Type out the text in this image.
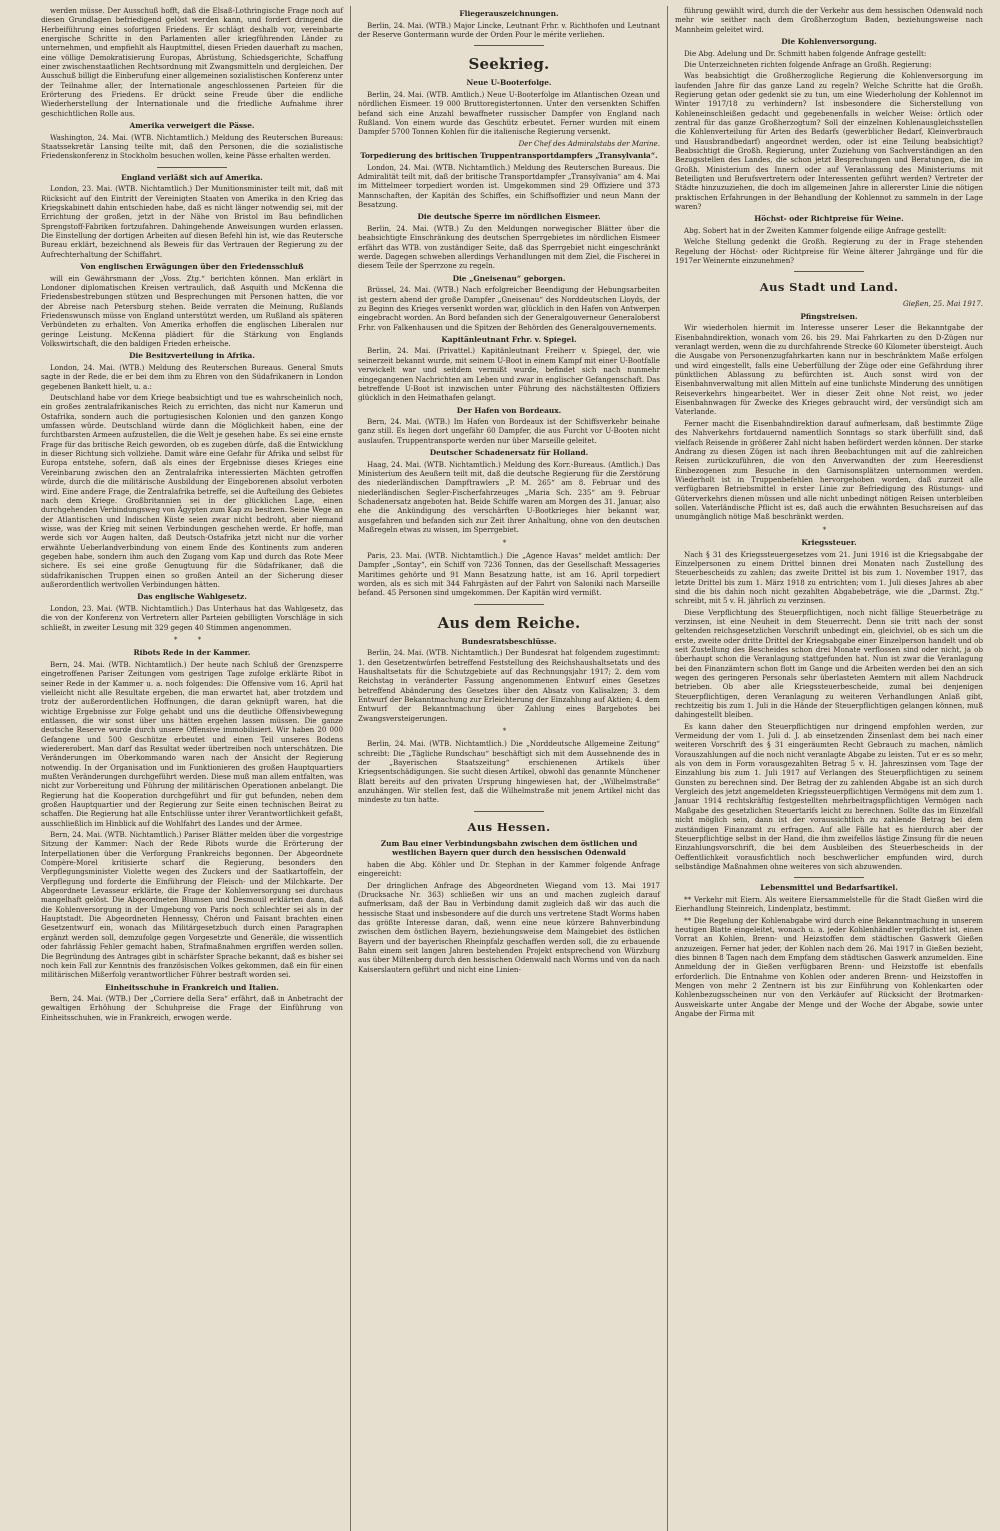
werden müsse. Der Ausschuß hofft, daß die Elsaß-Lothringische Frage noch auf diesen Grundlagen befriedigend gelöst werden kann, und fordert dringend die Herbeiführung eines sofortigen Friedens. Er schlägt deshalb vor, vereinbarte energische Schritte in den Parlamenten aller kriegführenden Länder zu unternehmen, und empfiehlt als Hauptmittel, diesen Frieden dauerhaft zu machen, eine völlige Demokratisierung Europas, Abrüstung, Schiedsgerichte, Schaffung einer zwischenstaatlichen Rechtsordnung mit Zwangsmitteln und dergleichen. Der Ausschuß billigt die Einberufung einer allgemeinen sozialistischen Konferenz unter der Teilnahme aller, der Internationale angeschlossenen Parteien für die Erörterung des Friedens. Er drückt seine Freude über die endliche Wiederherstellung der Internationale und die friedliche Aufnahme ihrer geschichtlichen Rolle aus.

Amerika verweigert die Pässe.

Washington, 24. Mai. (WTB. Nichtamtlich.) Meldung des Reuterschen Bureaus: Staatssekretär Lansing teilte mit, daß den Personen, die die sozialistische Friedenskonferenz in Stockholm besuchen wollen, keine Pässe erhalten werden.

England verläßt sich auf Amerika.

London, 23. Mai. (WTB. Nichtamtlich.) Der Munitionsminister teilt mit, daß mit Rücksicht auf den Eintritt der Vereinigten Staaten von Amerika in den Krieg das Kriegskabinett dahin entschieden habe, daß es nicht länger notwendig sei, mit der Errichtung der großen, jetzt in der Nähe von Bristol im Bau befindlichen Sprengstoff-Fabriken fortzufahren. Dahingehende Anweisungen wurden erlassen. Die Einstellung der dortigen Arbeiten auf diesen Befehl hin ist, wie das Reutersche Bureau erklärt, bezeichnend als Beweis für das Vertrauen der Regierung zu der Aufrechterhaltung der Schiffahrt.

Von englischen Erwägungen über den Friedensschluß

will ein Gewährsmann der „Voss. Ztg.“ berichten können. Man erklärt in Londoner diplomatischen Kreisen vertraulich, daß Asquith und McKenna die Friedensbestrebungen stützen und Besprechungen mit Personen hatten, die vor der Abreise nach Petersburg stehen. Beide verraten die Meinung, Rußlands Friedenswunsch müsse von England unterstützt werden, um Rußland als späteren Verbündeten zu erhalten. Von Amerika erhoffen die englischen Liberalen nur geringe Leistung. McKenna plädiert für die Stärkung von Englands Volkswirtschaft, die den baldigen Frieden erheische.

Die Besitzverteilung in Afrika.

London, 24. Mai. (WTB.) Meldung des Reuterschen Bureaus. General Smuts sagte in der Rede, die er bei dem ihm zu Ehren von den Südafrikanern in London gegebenen Bankett hielt, u. a.:

Deutschland habe vor dem Kriege beabsichtigt und tue es wahrscheinlich noch, ein großes zentralafrikanisches Reich zu errichten, das nicht nur Kamerun und Ostafrika, sondern auch die portugiesischen Kolonien und den ganzen Kongo umfassen würde. Deutschland würde dann die Möglichkeit haben, eine der furchtbarsten Armeen aufzustellen, die die Welt je gesehen habe. Es sei eine ernste Frage für das britische Reich geworden, ob es zugeben dürfe, daß die Entwicklung in dieser Richtung sich vollziehe. Damit wäre eine Gefahr für Afrika und selbst für Europa entstehe, sofern, daß als eines der Ergebnisse dieses Krieges eine Vereinbarung zwischen den an Zentralafrika interessierten Mächten getroffen würde, durch die die militärische Ausbildung der Eingeborenen absolut verboten wird. Eine andere Frage, die Zentralafrika betreffe, sei die Aufteilung des Gebietes nach dem Kriege. Großbritannien sei in der glücklichen Lage, einen durchgehenden Verbindungsweg von Ägypten zum Kap zu besitzen. Seine Wege an der Atlantischen und Indischen Küste seien zwar nicht bedroht, aber niemand wisse, was der Krieg mit seinen Verbindungen geschehen werde. Er hoffe, man werde sich vor Augen halten, daß Deutsch-Ostafrika jetzt nicht nur die vorher erwähnte Ueberlandverbindung von einem Ende des Kontinents zum anderen gegeben habe, sondern ihm auch den Zugang vom Kap und durch das Rote Meer sichere. Es sei eine große Genugtuung für die Südafrikaner, daß die südafrikanischen Truppen einen so großen Anteil an der Sicherung dieser außerordentlich wertvollen Verbindungen hätten.

Das englische Wahlgesetz.

London, 23. Mai. (WTB. Nichtamtlich.) Das Unterhaus hat das Wahlgesetz, das die von der Konferenz von Vertretern aller Parteien gebilligten Vorschläge in sich schließt, in zweiter Lesung mit 329 gegen 40 Stimmen angenommen.

* *
Ribots Rede in der Kammer.

Bern, 24. Mai. (WTB. Nichtamtlich.) Der heute nach Schluß der Grenzsperre eingetroffenen Pariser Zeitungen vom gestrigen Tage zufolge erklärte Ribot in seiner Rede in der Kammer u. a. noch folgendes: Die Offensive vom 16. April hat vielleicht nicht alle Resultate ergeben, die man erwartet hat, aber trotzdem und trotz der außerordentlichen Hoffnungen, die daran geknüpft waren, hat die wichtige Ergebnisse zur Folge gehabt und uns die deutliche Offensivbewegung entlassen, die wir sonst über uns hätten ergehen lassen müssen. Die ganze deutsche Reserve wurde durch unsere Offensive immobilisiert. Wir haben 20 000 Gefangene und 500 Geschütze erbeutet und einen Teil unseres Bodens wiedererobert. Man darf das Resultat weder übertreiben noch unterschätzen. Die Veränderungen im Oberkommando waren nach der Ansicht der Regierung notwendig. In der Organisation und im Funktionieren des großen Hauptquartiers mußten Veränderungen durchgeführt werden. Diese muß man allem entfalten, was nicht zur Vorbereitung und Führung der militärischen Operationen anbelangt. Die Regierung hat die Kooperation durchgeführt und für gut befunden, neben dem großen Hauptquartier und der Regierung zur Seite einen technischen Beirat zu schaffen. Die Regierung hat alle Entschlüsse unter ihrer Verantwortlichkeit gefaßt, ausschließlich im Hinblick auf die Wohlfahrt des Landes und der Armee.

Bern, 24. Mai. (WTB. Nichtamtlich.) Pariser Blätter melden über die vorgestrige Sitzung der Kammer: Nach der Rede Ribots wurde die Erörterung der Interpellationen über die Verforgung Frankreichs begonnen. Der Abgeordnete Compère-Morel kritisierte scharf die Regierung, besonders den Verpflegungsminister Violette wegen des Zuckers und der Saatkartoffeln, der Verpflegung und forderte die Einführung der Fleisch- und der Milchkarte. Der Abgeordnete Levasseur erklärte, die Frage der Kohlenversorgung sei durchaus mangelhaft gelöst. Die Abgeordneten Blumsen und Desmouil erklärten dann, daß die Kohlenversorgung in der Umgebung von Paris noch schlechter sei als in der Hauptstadt. Die Abgeordneten Hennessy, Chéron und Faisant brachten einen Gesetzentwurf ein, wonach das Militärgesetzbuch durch einen Paragraphen ergänzt werden soll, demzufolge gegen Vorgesetzte und Generäle, die wissentlich oder fahrlässig Fehler gemacht haben, Strafmaßnahmen ergriffen werden sollen. Die Begründung des Antrages gibt in schärfster Sprache bekannt, daß es bisher sei noch kein Fall zur Kenntnis des französischen Volkes gekommen, daß ein für einen militärischen Mißerfolg verantwortlicher Führer bestraft worden sei.

Einheitsschuhe in Frankreich und Italien.

Bern, 24. Mai. (WTB.) Der „Corriere della Sera“ erfährt, daß in Anbetracht der gewaltigen Erhöhung der Schuhpreise die Frage der Einführung von Einheitsschuhen, wie in Frankreich, erwogen werde.

Fliegerauszeichnungen.

Berlin, 24. Mai. (WTB.) Major Lincke, Leutnant Frhr. v. Richthofen und Leutnant der Reserve Gontermann wurde der Orden Pour le mérite verliehen.

Seekrieg.
Neue U-Booterfolge.

Berlin, 24. Mai. (WTB. Amtlich.) Neue U-Booterfolge im Atlantischen Ozean und nördlichen Eismeer. 19 000 Bruttoregistertonnen. Unter den versenkten Schiffen befand sich eine Anzahl bewaffneter russischer Dampfer von England nach Rußland. Von einem wurde das Geschütz erbeutet. Ferner wurden mit einem Dampfer 5700 Tonnen Kohlen für die italienische Regierung versenkt.

Der Chef des Admiralstabs der Marine.
Torpedierung des britischen Truppentransportdampfers „Transylvania“.

London, 24. Mai. (WTB. Nichtamtlich.) Meldung des Reuterschen Bureaus. Die Admiralität teilt mit, daß der britische Transportdampfer „Transylvania“ am 4. Mai im Mittelmeer torpediert worden ist. Umgekommen sind 29 Offiziere und 373 Mannschaften, der Kapitän des Schiffes, ein Schiffsoffizier und neun Mann der Besatzung.

Die deutsche Sperre im nördlichen Eismeer.

Berlin, 24. Mai. (WTB.) Zu den Meldungen norwegischer Blätter über die beabsichtigte Einschränkung des deutschen Sperrgebietes im nördlichen Eismeer erfährt das WTB. von zuständiger Seite, daß das Sperrgebiet nicht eingeschränkt werde. Dagegen schweben allerdings Verhandlungen mit dem Ziel, die Fischerei in diesem Teile der Sperrzone zu regeln.

Die „Gneisenau“ geborgen.

Brüssel, 24. Mai. (WTB.) Nach erfolgreicher Beendigung der Hebungsarbeiten ist gestern abend der große Dampfer „Gneisenau“ des Norddeutschen Lloyds, der zu Beginn des Krieges versenkt worden war, glücklich in den Hafen von Antwerpen eingebracht worden. An Bord befanden sich der Generalgouverneur Generaloberst Frhr. von Falkenhausen und die Spitzen der Behörden des Generalgouvernements.

Kapitänleutnant Frhr. v. Spiegel.

Berlin, 24. Mai. (Privattel.) Kapitänleutnant Freiherr v. Spiegel, der, wie seinerzeit bekannt wurde, mit seinem U-Boot in einem Kampf mit einer U-Bootfalle verwickelt war und seitdem vermißt wurde, befindet sich nach nunmehr eingegangenen Nachrichten am Leben und zwar in englischer Gefangenschaft. Das betreffende U-Boot ist inzwischen unter Führung des nächstältesten Offiziers glücklich in den Heimathafen gelangt.

Der Hafen von Bordeaux.

Bern, 24. Mai. (WTB.) Im Hafen von Bordeaux ist der Schiffsverkehr beinahe ganz still. Es liegen dort ungefähr 60 Dampfer, die aus Furcht vor U-Booten nicht auslaufen. Truppentransporte werden nur über Marseille geleitet.

Deutscher Schadenersatz für Holland.

Haag, 24. Mai. (WTB. Nichtamtlich.) Meldung des Korr.-Bureaus. (Amtlich.) Das Ministerium des Aeußern teilt mit, daß die deutsche Regierung für die Zerstörung des niederländischen Dampftrawlers „P. M. 265“ am 8. Februar und des niederländischen Segler-Fischerfahrzeuges „Maria Sch. 235“ am 9. Februar Schadenersatz angeboten hat. Beide Schiffe waren am Morgen des 31. Januar, also ehe die Ankündigung des verschärften U-Bootkrieges hier bekannt war, ausgefahren und befanden sich zur Zeit ihrer Anhaltung, ohne von den deutschen Maßregeln etwas zu wissen, im Sperrgebiet.

*

Paris, 23. Mai. (WTB. Nichtamtlich.) Die „Agence Havas“ meldet amtlich: Der Dampfer „Sontay“, ein Schiff von 7236 Tonnen, das der Gesellschaft Messageries Maritimes gehörte und 91 Mann Besatzung hatte, ist am 16. April torpediert worden, als es sich mit 344 Fahrgästen auf der Fahrt von Saloniki nach Marseille befand. 45 Personen sind umgekommen. Der Kapitän wird vermißt.

Aus dem Reiche.
Bundesratsbeschlüsse.

Berlin, 24. Mai. (WTB. Nichtamtlich.) Der Bundesrat hat folgendem zugestimmt: 1. den Gesetzentwürfen betreffend Feststellung des Reichshaushaltsetats und des Haushaltsetats für die Schutzgebiete auf das Rechnungsjahr 1917; 2. dem vom Reichstag in veränderter Fassung angenommenen Entwurf eines Gesetzes betreffend Abänderung des Gesetzes über den Absatz von Kalisalzen; 3. dem Entwurf der Bekanntmachung zur Erleichterung der Einzahlung auf Aktien; 4. dem Entwurf der Bekanntmachung über Zahlung eines Bargebotes bei Zwangsversteigerungen.

*

Berlin, 24. Mai. (WTB. Nichtamtlich.) Die „Norddeutsche Allgemeine Zeitung“ schreibt: Die „Tägliche Rundschau“ beschäftigt sich mit dem Aussehnende des in der „Bayerischen Staatszeitung“ erschienenen Artikels über Kriegsentschädigungen. Sie sucht diesen Artikel, obwohl das genannte Münchener Blatt bereits auf den privaten Ursprung hingewiesen hat, der „Wilhelmstraße“ anzuhängen. Wir stellen fest, daß die Wilhelmstraße mit jenem Artikel nicht das mindeste zu tun hatte.

Aus Hessen.
Zum Bau einer Verbindungsbahn zwischen dem östlichen und westlichen Bayern quer durch den hessischen Odenwald

haben die Abg. Köhler und Dr. Stephan in der Kammer folgende Anfrage eingereicht:

Der dringlichen Anfrage des Abgeordneten Wiegand vom 13. Mai 1917 (Drucksache Nr. 363) schließen wir uns an und machen zugleich darauf aufmerksam, daß der Bau in Verbindung damit zugleich daß wir das auch die hessische Staat und insbesondere auf die durch uns vertretene Stadt Worms haben das größte Interesse daran, daß, wenn eine neue kürzere Bahnverbindung zwischen dem östlichen Bayern, beziehungsweise dem Maingebiet des östlichen Bayern und der bayerischen Rheinpfalz geschaffen werden soll, die zu erbauende Bahn einem seit langen Jahren bestehenden Projekt entsprechend von Würzburg aus über Miltenberg durch den hessischen Odenwald nach Worms und von da nach Kaiserslautern geführt und nicht eine Linien-

führung gewählt wird, durch die der Verkehr aus dem hessischen Odenwald noch mehr wie seither nach dem Großherzogtum Baden, beziehungsweise nach Mannheim geleitet wird.

Die Kohlenversorgung.

Die Abg. Adelung und Dr. Schmitt haben folgende Anfrage gestellt:

Die Unterzeichneten richten folgende Anfrage an Großh. Regierung:

Was beabsichtigt die Großherzogliche Regierung die Kohlenversorgung im laufenden Jahre für das ganze Land zu regeln? Welche Schritte hat die Großh. Regierung getan oder gedenkt sie zu tun, um eine Wiederholung der Kohlennot im Winter 1917/18 zu verhindern? Ist insbesondere die Sicherstellung von Kohleneinschleißen gedacht und gegebenenfalls in welcher Weise: örtlich oder zentral für das ganze Großherzogtum? Soll der einzelnen Kohlenausgleichsstellen die Kohlenverteilung für Arten des Bedarfs (gewerblicher Bedarf, Kleinverbrauch und Hausbrandbedarf) angeordnet werden, oder ist eine Teilung beabsichtigt? Beabsichtigt die Großh. Regierung, unter Zuziehung von Sachverständigen an den Bezugsstellen des Landes, die schon jetzt Besprechungen und Beratungen, die im Großh. Ministerium des Innern oder auf Veranlassung des Ministeriums mit Beteiligten und Berufsvertretern oder Interessenten geführt werden? Vertreter der Städte hinzuzuziehen, die doch im allgemeinen Jahre in allererster Linie die nötigen praktischen Erfahrungen in der Behandlung der Kohlennot zu sammeln in der Lage waren?

Höchst- oder Richtpreise für Weine.

Abg. Sobert hat in der Zweiten Kammer folgende eilige Anfrage gestellt:

Welche Stellung gedenkt die Großh. Regierung zu der in Frage stehenden Regelung der Höchst- oder Richtpreise für Weine älterer Jahrgänge und für die 1917er Weinernte einzunehmen?

Aus Stadt und Land.
Gießen, 25. Mai 1917.
Pfingstreisen.

Wir wiederholen hiermit im Interesse unserer Leser die Bekanntgabe der Eisenbahndirektion, wonach vom 26. bis 29. Mai Fahrkarten zu den D-Zügen nur veranlagt werden, wenn die zu durchfahrende Strecke 60 Kilometer übersteigt. Auch die Ausgabe von Personenzugfahrkarten kann nur in beschränktem Maße erfolgen und wird eingestellt, falls eine Ueberfüllung der Züge oder eine Gefährdung ihrer pünktlichen Ablassung zu befürchten ist. Auch sonst wird von der Eisenbahnverwaltung mit allen Mitteln auf eine tunlichste Minderung des unnötigen Reiseverkehrs hingearbeitet. Wer in dieser Zeit ohne Not reist, wo jeder Eisenbahnwagen für Zwecke des Krieges gebraucht wird, der versündigt sich am Vaterlande.

Ferner macht die Eisenbahndirektion darauf aufmerksam, daß bestimmte Züge des Nahverkehrs fortdauernd namentlich Sonntags so stark überfüllt sind, daß vielfach Reisende in größerer Zahl nicht haben befördert werden können. Der starke Andrang zu diesen Zügen ist nach ihren Beobachtungen mit auf die zahlreichen Reisen zurückzuführen, die von den Anverwandten der zum Heeresdienst Einbezogenen zum Besuche in den Garnisonsplätzen unternommen werden. Wiederholt ist in Truppenbefehlen hervorgehoben worden, daß zurzeit alle verfügbaren Betriebsmittel in erster Linie zur Befriedigung des Rüstungs- und Güterverkehrs dienen müssen und alle nicht unbedingt nötigen Reisen unterbleiben sollen. Vaterländische Pflicht ist es, daß auch die erwähnten Besuchsreisen auf das unumgänglich nötige Maß beschränkt werden.

*
Kriegssteuer.

Nach § 31 des Kriegssteuergesetzes vom 21. Juni 1916 ist die Kriegsabgabe der Einzelpersonen zu einem Drittel binnen drei Monaten nach Zustellung des Steuerbescheids zu zahlen; das zweite Drittel ist bis zum 1. November 1917, das letzte Drittel bis zum 1. März 1918 zu entrichten; vom 1. Juli dieses Jahres ab aber sind die bis dahin noch nicht gezahlten Abgabebeträge, wie die „Darmst. Ztg.“ schreibt, mit 5 v. H. jährlich zu verzinsen.

Diese Verpflichtung des Steuerpflichtigen, noch nicht fällige Steuerbeträge zu verzinsen, ist eine Neuheit in dem Steuerrecht. Denn sie tritt nach der sonst geltenden reichsgesetzlichen Vorschrift unbedingt ein, gleichviel, ob es sich um die erste, zweite oder dritte Drittel der Kriegsabgabe einer Einzelperson handelt und ob seit Zustellung des Bescheides schon drei Monate verflossen sind oder nicht, ja ob überhaupt schon die Veranlagung stattgefunden hat. Nun ist zwar die Veranlagung bei den Finanzämtern schon flott im Gange und die Arbeiten werden bei den an sich wegen des geringeren Personals sehr überlasteten Aemtern mit allem Nachdruck betrieben. Ob aber alle Kriegssteuerbescheide, zumal bei denjenigen Steuerpflichtigen, deren Veranlagung zu weiteren Verhandlungen Anlaß gibt, rechtzeitig bis zum 1. Juli in die Hände der Steuerpflichtigen gelangen können, muß dahingestellt bleiben.

Es kann daher den Steuerpflichtigen nur dringend empfohlen werden, zur Vermeidung der vom 1. Juli d. J. ab einsetzenden Zinsenlast dem bei nach einer weiteren Vorschrift des § 31 eingeräumten Recht Gebrauch zu machen, nämlich Vorauszahlungen auf die noch nicht veranlagte Abgabe zu leisten. Tut er es so mehr, als von dem in Form vorausgezahlten Betrag 5 v. H. Jahreszinsen vom Tage der Einzahlung bis zum 1. Juli 1917 auf Verlangen des Steuerpflichtigen zu seinem Gunsten zu berechnen sind. Der Betrag der zu zahlenden Abgabe ist an sich durch Vergleich des jetzt angemeldeten Kriegssteuerpflichtigen Vermögens mit dem zum 1. Januar 1914 rechtskräftig festgestellten mehrbeitragspflichtigen Vermögen nach Maßgabe des gesetzlichen Steuertarifs leicht zu berechnen. Sollte das im Einzelfall nicht möglich sein, dann ist der voraussichtlich zu zahlende Betrag bei dem zuständigen Finanzamt zu erfragen. Auf alle Fälle hat es hierdurch aber der Steuerpflichtige selbst in der Hand, die ihm zweifellos lästige Zinsung für die neuen Einzahlungsvorschrift, die bei dem Ausbleiben des Steuerbescheids in der Oeffentlichkeit vorausfichtlich noch beschwerlicher empfunden wird, durch selbständige Maßnahmen ohne weiteres von sich abzuwenden.

Lebensmittel und Bedarfsartikel.

** Verkehr mit Eiern. Als weitere Eiersammelstelle für die Stadt Gießen wird die Eierhandlung Steinreich, Lindenplatz, bestimmt.

** Die Regelung der Kohlenabgabe wird durch eine Bekanntmachung in unserem heutigen Blatte eingeleitet, wonach u. a. jeder Kohlenhändler verpflichtet ist, einen Vorrat an Kohlen, Brenn- und Heizstoffen dem städtischen Gaswerk Gießen anzuzeigen. Ferner hat jeder, der Kohlen nach dem 26. Mai 1917 in Gießen bezieht, dies binnen 8 Tagen nach dem Empfang dem städtischen Gaswerk anzumelden. Eine Anmeldung der in Gießen verfügbaren Brenn- und Heizstoffe ist ebenfalls erforderlich. Die Entnahme von Kohlen oder anderen Brenn- und Heizstoffen in Mengen von mehr 2 Zentnern ist bis zur Einführung von Kohlenkarten oder Kohlenbezugsscheinen nur von den Verkäufer auf Rücksicht der Brotmarken-Ausweiskarte unter Angabe der Menge und der Woche der Abgabe, sowie unter Angabe der Firma mit
